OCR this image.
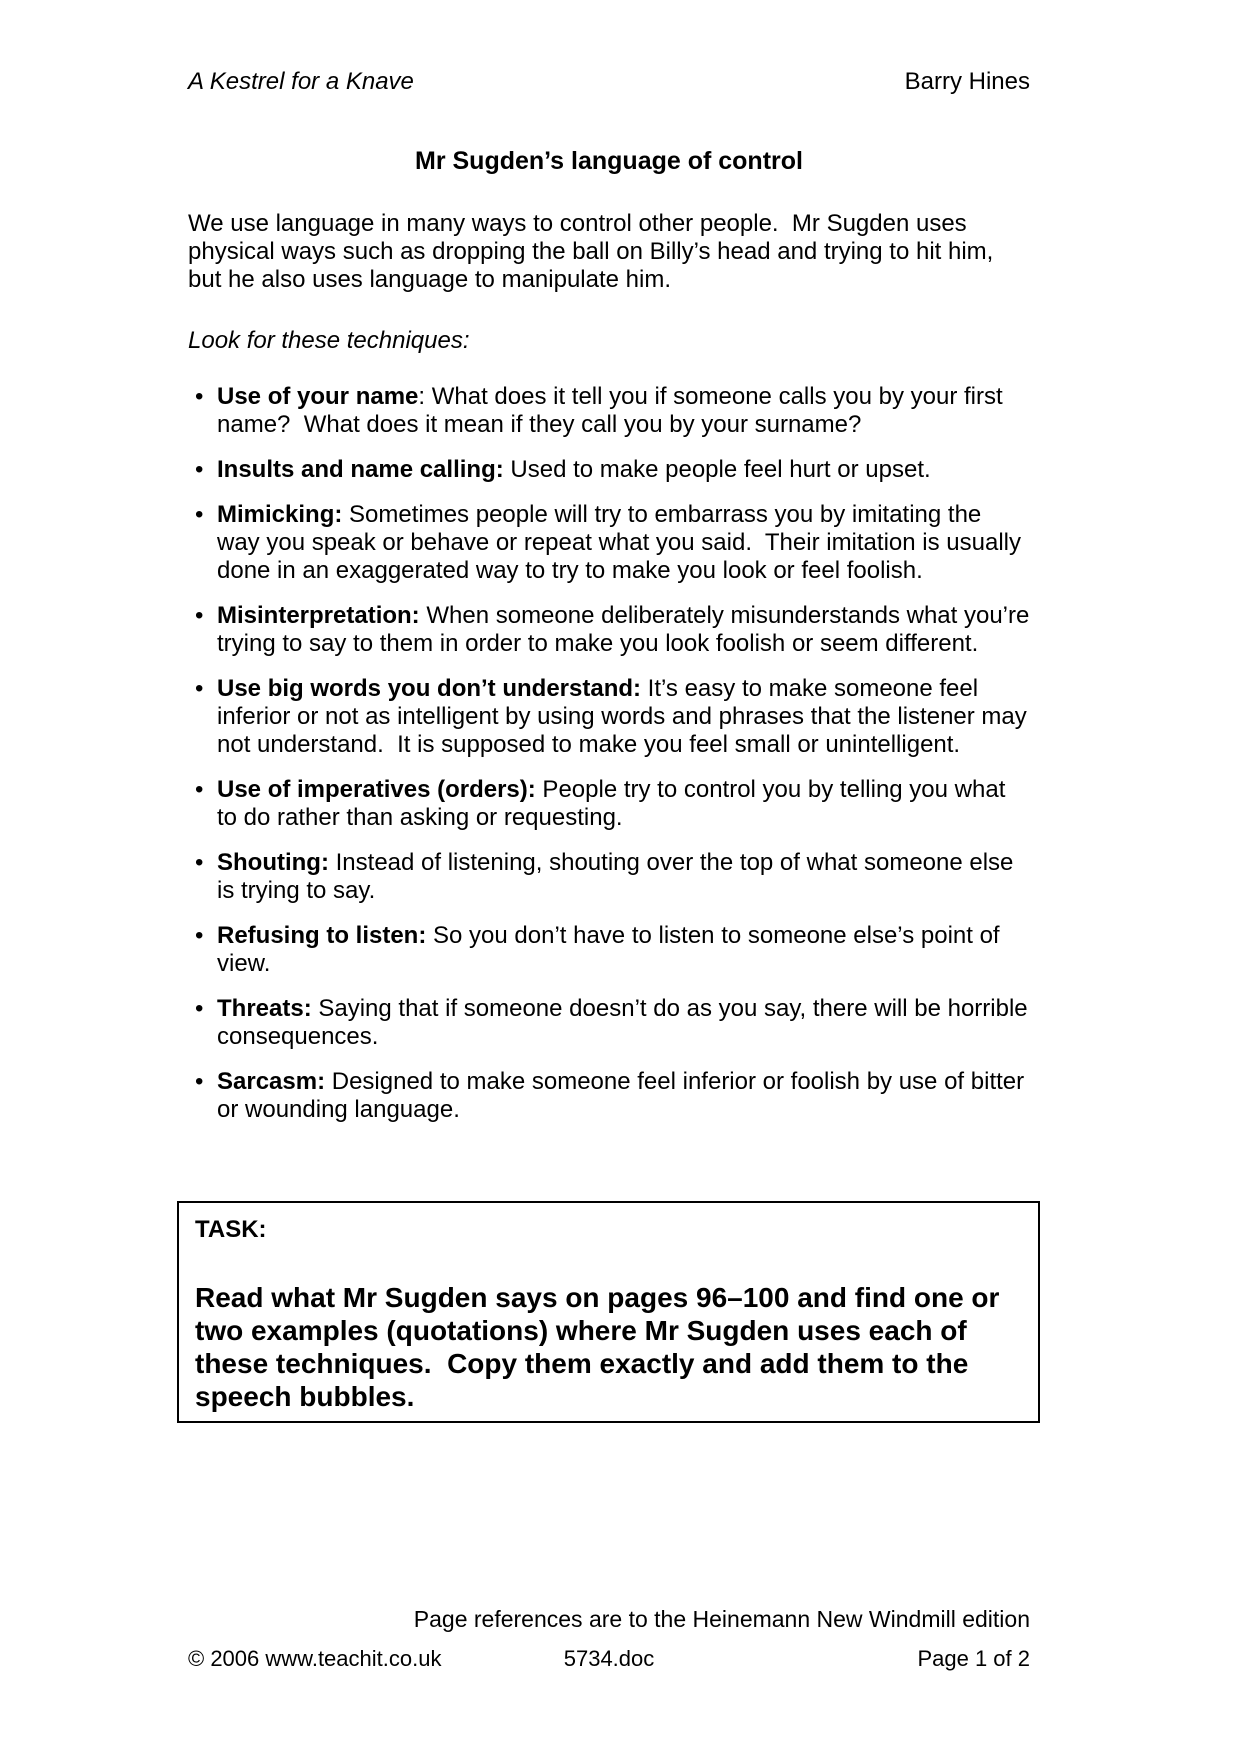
A Kestrel for a Knave	Barry Hines
Mr Sugden’s language of control
We use language in many ways to control other people.  Mr Sugden uses physical ways such as dropping the ball on Billy’s head and trying to hit him, but he also uses language to manipulate him.
Look for these techniques:
• Use of your name: What does it tell you if someone calls you by your first name?  What does it mean if they call you by your surname?
• Insults and name calling: Used to make people feel hurt or upset.
• Mimicking: Sometimes people will try to embarrass you by imitating the way you speak or behave or repeat what you said.  Their imitation is usually done in an exaggerated way to try to make you look or feel foolish.
• Misinterpretation: When someone deliberately misunderstands what you’re trying to say to them in order to make you look foolish or seem different.
• Use big words you don’t understand: It’s easy to make someone feel inferior or not as intelligent by using words and phrases that the listener may not understand.  It is supposed to make you feel small or unintelligent.
• Use of imperatives (orders): People try to control you by telling you what to do rather than asking or requesting.
• Shouting: Instead of listening, shouting over the top of what someone else is trying to say.
• Refusing to listen: So you don’t have to listen to someone else’s point of view.
• Threats: Saying that if someone doesn’t do as you say, there will be horrible consequences.
• Sarcasm: Designed to make someone feel inferior or foolish by use of bitter or wounding language.
TASK:
Read what Mr Sugden says on pages 96–100 and find one or two examples (quotations) where Mr Sugden uses each of these techniques.  Copy them exactly and add them to the speech bubbles.
Page references are to the Heinemann New Windmill edition
© 2006 www.teachit.co.uk	5734.doc	Page 1 of 2
